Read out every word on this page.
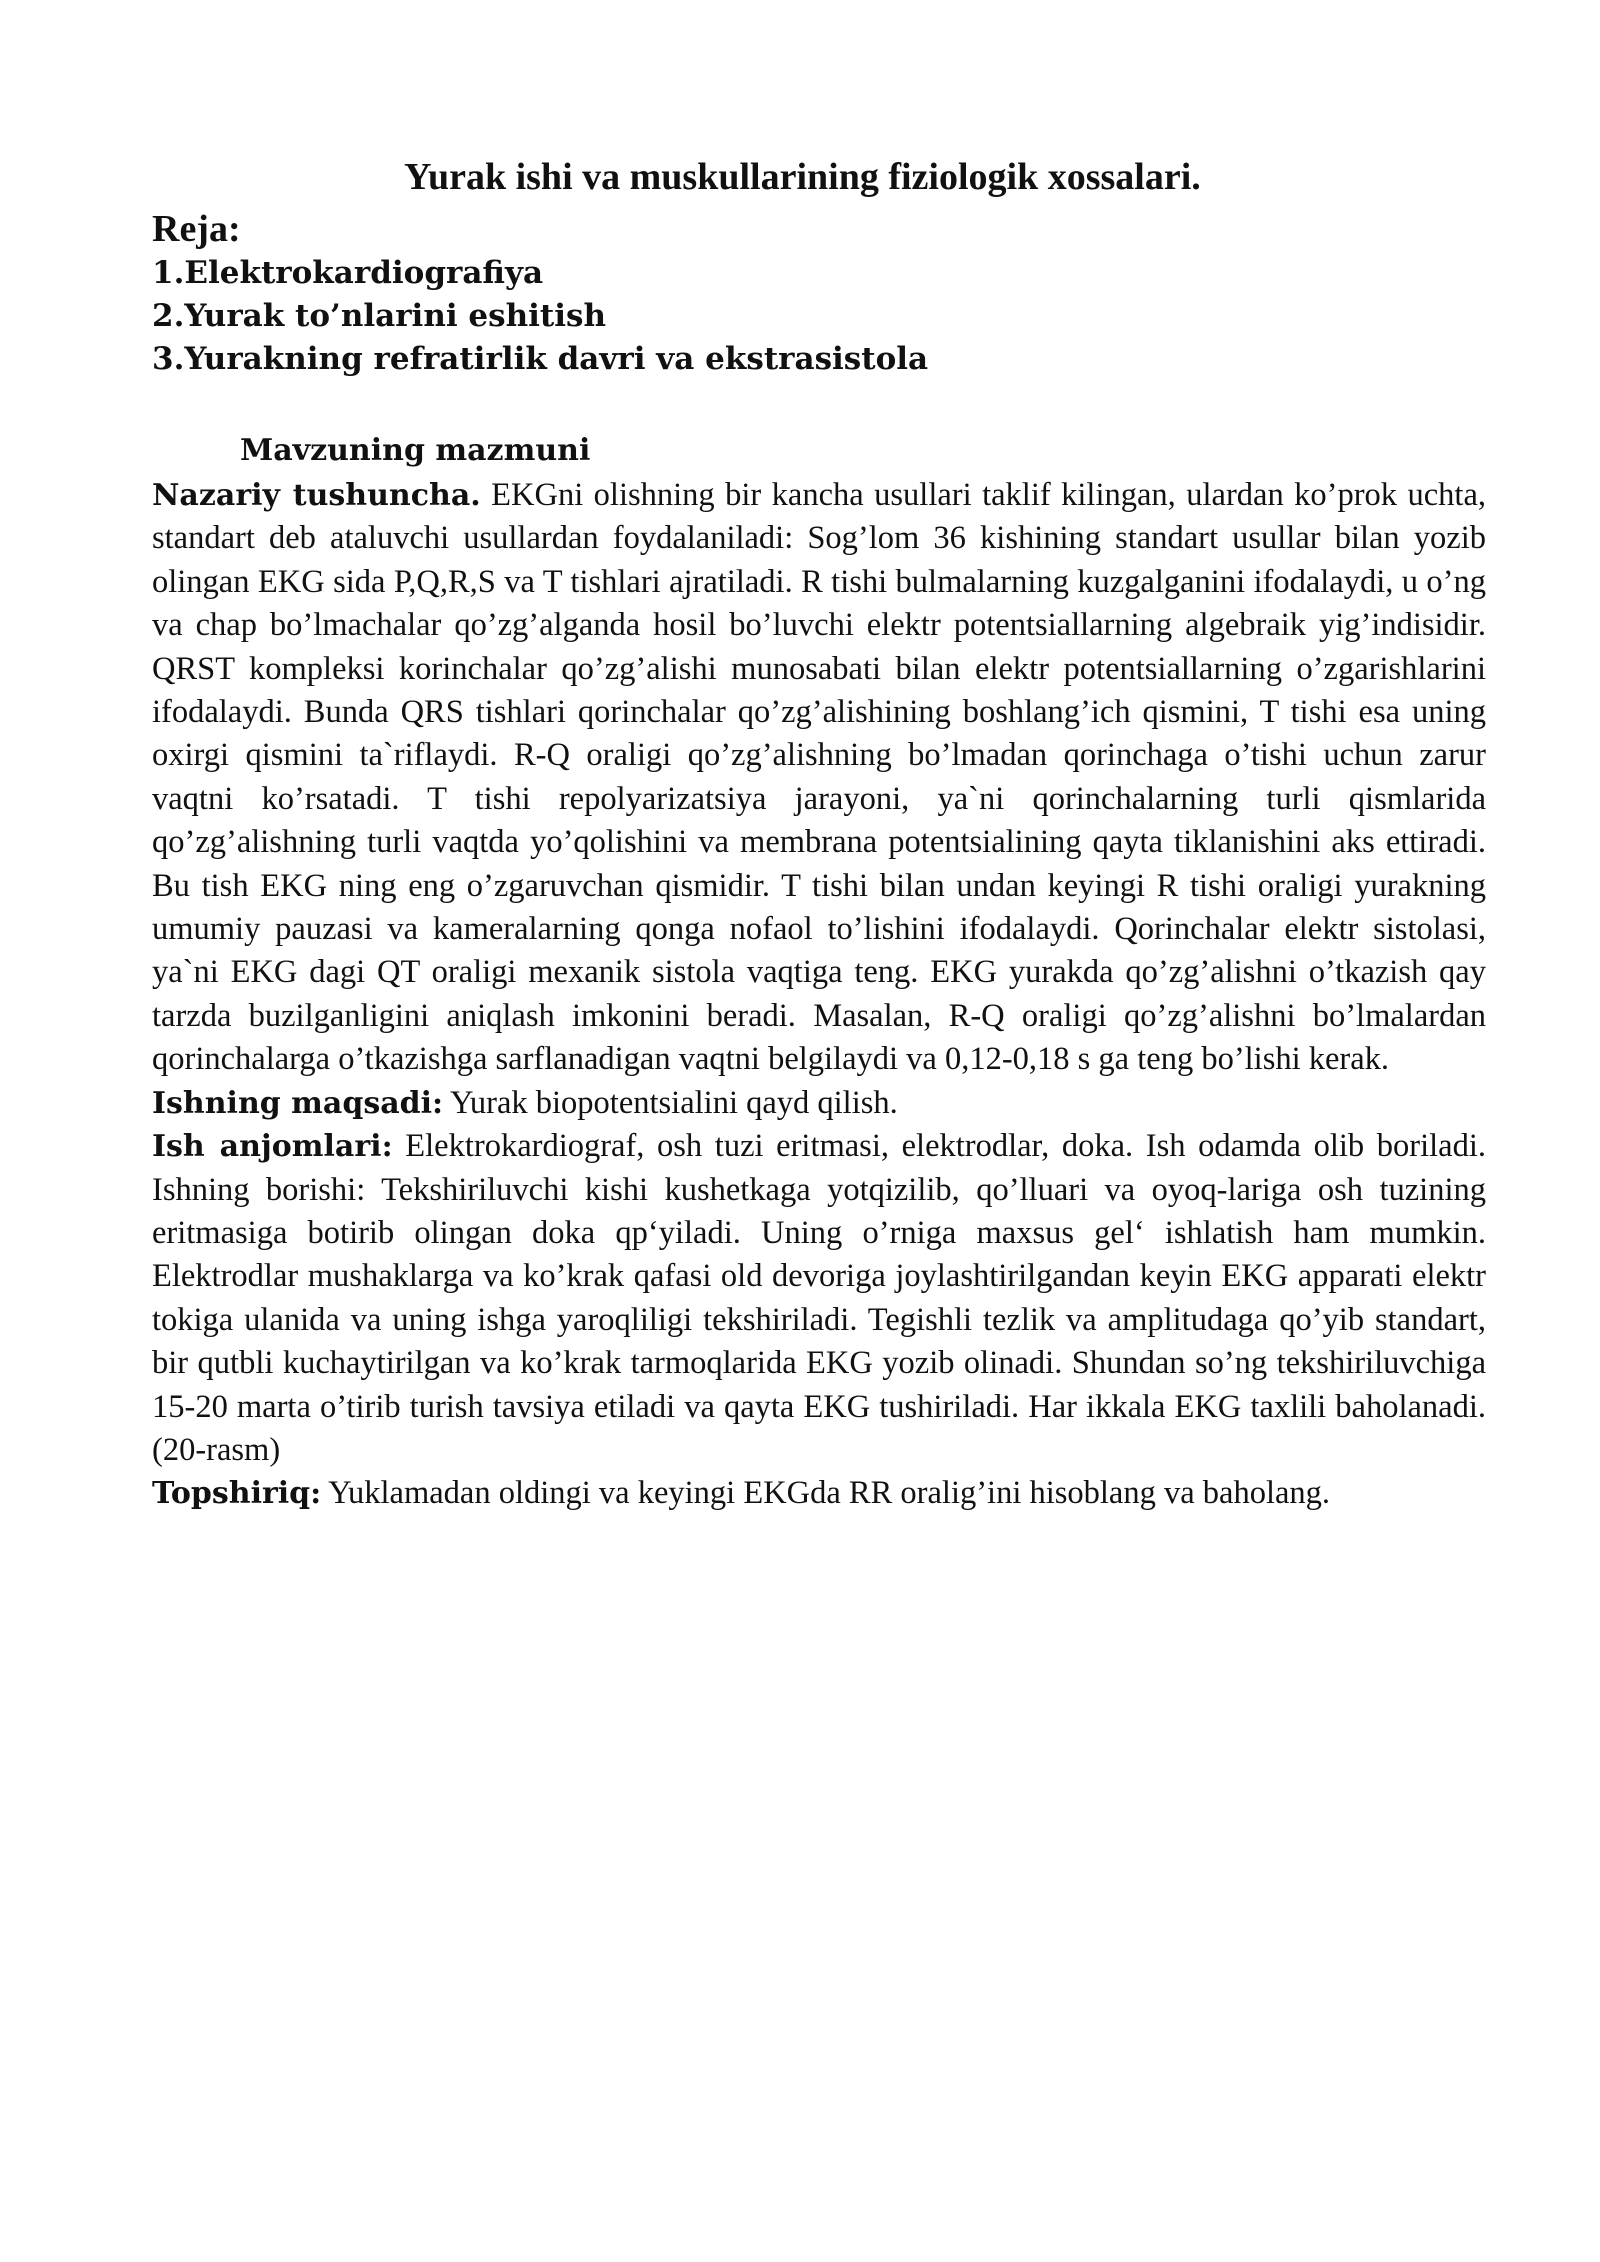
Yurak ishi va muskullarining fiziologik xossalari.
Reja:
1.Elektrokardiografiya
2.Yurak to’nlarini eshitish
3.Yurakning refratirlik davri va ekstrasistola
Mavzuning mazmuni

Nazariy tushuncha. EKGni olishning bir kancha usullari taklif kilingan, ulardan ko’prok uchta, standart deb ataluvchi usullardan foydalaniladi: Sog’lom 36 kishining standart usullar bilan yozib olingan EKG sida P,Q,R,S va T tishlari ajratiladi. R tishi bulmalarning kuzgalganini ifodalaydi, u o’ng va chap bo’lmachalar qo’zg’alganda hosil bo’luvchi elektr potentsiallarning algebraik yig’indisidir. QRST kompleksi korinchalar qo’zg’alishi munosabati bilan elektr potentsiallarning o’zgarishlarini ifodalaydi. Bunda QRS tishlari qorinchalar qo’zg’alishining boshlang’ich qismini, T tishi esa uning oxirgi qismini ta`riflaydi. R-Q oraligi qo’zg’alishning bo’lmadan qorinchaga o’tishi uchun zarur vaqtni ko’rsatadi. T tishi repolyarizatsiya jarayoni, ya`ni qorinchalarning turli qismlarida qo’zg’alishning turli vaqtda yo’qolishini va membrana potentsialining qayta tiklanishini aks ettiradi. Bu tish EKG ning eng o’zgaruvchan qismidir. T tishi bilan undan keyingi R tishi oraligi yurakning umumiy pauzasi va kameralarning qonga nofaol to’lishini ifodalaydi. Qorinchalar elektr sistolasi, ya`ni EKG dagi QT oraligi mexanik sistola vaqtiga teng. EKG yurakda qo’zg’alishni o’tkazish qay tarzda buzilganligini aniqlash imkonini beradi. Masalan, R-Q oraligi qo’zg’alishni bo’lmalardan qorinchalarga o’tkazishga sarflanadigan vaqtni belgilaydi va 0,12-0,18 s ga teng bo’lishi kerak.

Ishning maqsadi: Yurak biopotentsialini qayd qilish.

Ish anjomlari: Elektrokardiograf, osh tuzi eritmasi, elektrodlar, doka. Ish odamda olib boriladi. Ishning borishi: Tekshiriluvchi kishi kushetkaga yotqizilib, qo’lluari va oyoq-lariga osh tuzining eritmasiga botirib olingan doka qp‘yiladi. Uning o’rniga maxsus gel‘ ishlatish ham mumkin. Elektrodlar mushaklarga va ko’krak qafasi old devoriga joylashtirilgandan keyin EKG apparati elektr tokiga ulanida va uning ishga yaroqliligi tekshiriladi. Tegishli tezlik va amplitudaga qo’yib standart, bir qutbli kuchaytirilgan va ko’krak tarmoqlarida EKG yozib olinadi. Shundan so’ng tekshiriluvchiga 15-20 marta o’tirib turish tavsiya etiladi va qayta EKG tushiriladi. Har ikkala EKG taxlili baholanadi. (20-rasm)

Topshiriq: Yuklamadan oldingi va keyingi EKGda RR oralig’ini hisoblang va baholang.
